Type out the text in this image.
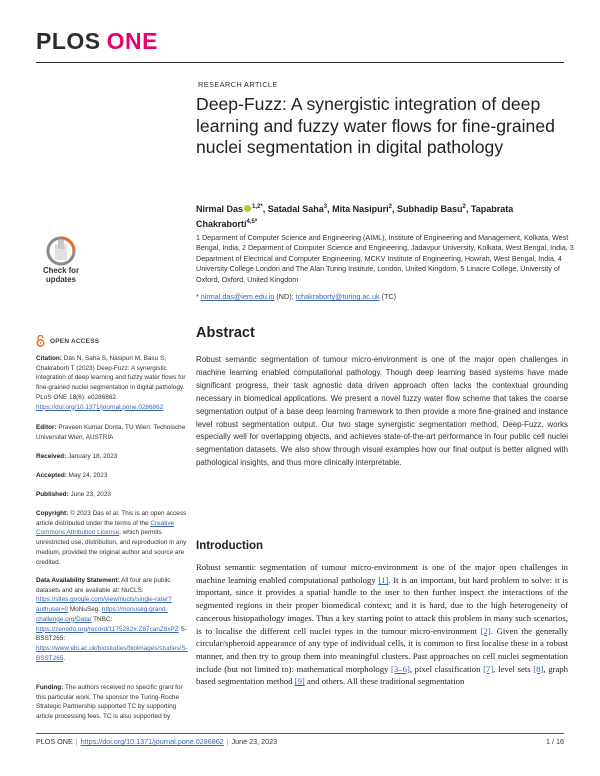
PLOS ONE
Check for
updates
OPEN ACCESS
Citation: Das N, Saha S, Nasipuri M, Basu S, Chakraborti T (2023) Deep-Fuzz: A synergistic integration of deep learning and fuzzy water flows for fine-grained nuclei segmentation in digital pathology. PLoS ONE 18(6): e0286862. https://doi.org/10.1371/journal.pone.0286862
Editor: Praveen Kumar Donta, TU Wien: Technische Universitat Wien, AUSTRIA
Received: January 18, 2023
Accepted: May 24, 2023
Published: June 23, 2023
Copyright: © 2023 Das et al. This is an open access article distributed under the terms of the Creative Commons Attribution License, which permits unrestricted use, distribution, and reproduction in any medium, provided the original author and source are credited.
Data Availability Statement: All four are public datasets and are available at: NuCLS: https://sites.google.com/view/nucls/single-rater?authuser=0 MoNuSeg: https://monuseg.grand-challenge.org/Data/ TNBC: https://zenodo.org/record/1175282#.Z87canZ8xPZ S-BSST265: https://www.ebi.ac.uk/biostudies/biolmages/studies/S-BSST265.
Funding: The authors received no specific grant for this particular work. The sponsor the Turing-Roche Strategic Partnership supported TC by supporting article processing fees. TC is also supported by
RESEARCH ARTICLE
Deep-Fuzz: A synergistic integration of deep learning and fuzzy water flows for fine-grained nuclei segmentation in digital pathology
Nirmal Das $^{1,2*}$, Satadal Saha$^3$, Mita Nasipuri$^2$, Subhadip Basu$^2$, Tapabrata Chakraborti$^{4,5*}$
1 Deparment of Computer Science and Engineering (AIML), Institute of Engineering and Management, Kolkata, West Bengal, India, 2 Deparment of Computer Science and Engineering, Jadavpur University, Kolkata, West Bengal, India, 3 Department of Electrical and Computer Engineering, MCKV Institute of Engineering, Howrah, West Bengal, India, 4 University College London and The Alan Turing Institute, London, United Kingdom, 5 Linacre College, University of Oxford, Oxford, United Kingdom
* nirmal.das@iem.edu.in (ND); tchakraborty@turing.ac.uk (TC)
Abstract

Robust semantic segmentation of tumour micro-environment is one of the major open challenges in machine learning enabled computational pathology. Though deep learning based systems have made significant progress, their task agnostic data driven approach often lacks the contextual grounding necessary in biomedical applications. We present a novel fuzzy water flow scheme that takes the coarse segmentation output of a base deep learning framework to then provide a more fine-grained and instance level robust segmentation output. Our two stage synergistic segmentation method, Deep-Fuzz, works especially well for overlapping objects, and achieves state-of-the-art performance in four public cell nuclei segmentation datasets. We also show through visual examples how our final output is better aligned with pathological insights, and thus more clinically interpretable.

Introduction

Robust semantic segmentation of tumour micro-environment is one of the major open challenges in machine learning enabled computational pathology [1]. It is an important, but hard problem to solve: it is important, since it provides a spatial handle to the user to then further inspect the interactions of the segmented regions in their proper biomedical context; and it is hard, due to the high heterogeneity of cancerous histopathology images. Thus a key starting point to attack this problem in many such scenarios, is to localise the different cell nuclei types in the tumour micro-environment [2]. Given the generally circular/spheroid appearance of any type of individual cells, it is common to first localise these in a robust manner, and then try to group them into meaningful clusters. Past approaches on cell nuclei segmentation include (but not limited to): mathematical morphology [3–6], pixel classification [7], level sets [8], graph based segmentation method [9] and others. All these traditional segmentation

PLOS ONE | https://doi.org/10.1371/journal.pone.0286862 | June 23, 2023	1 / 16
